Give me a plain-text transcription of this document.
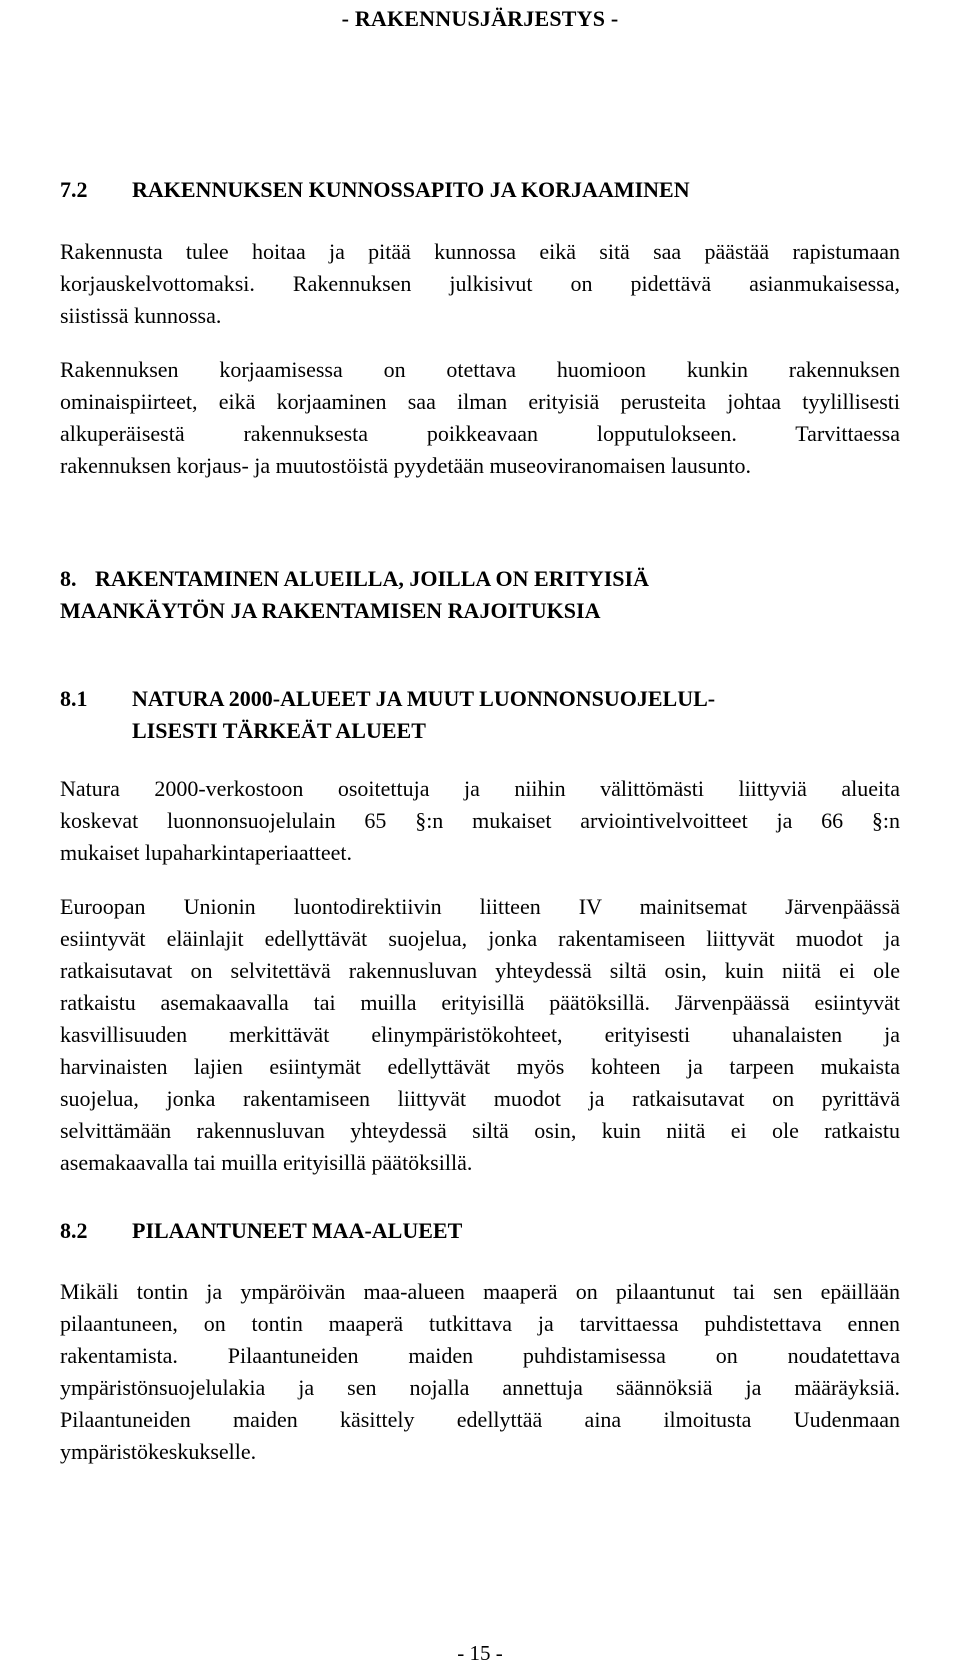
- RAKENNUSJÄRJESTYS -
7.2 RAKENNUKSEN KUNNOSSAPITO JA KORJAAMINEN
Rakennusta tulee hoitaa ja pitää kunnossa eikä sitä saa päästää rapistumaan
korjauskelvottomaksi. Rakennuksen julkisivut on pidettävä asianmukaisessa,
siistissä kunnossa.
Rakennuksen korjaamisessa on otettava huomioon kunkin rakennuksen
ominaispiirteet, eikä korjaaminen saa ilman erityisiä perusteita johtaa tyylillisesti
alkuperäisestä rakennuksesta poikkeavaan lopputulokseen. Tarvittaessa
rakennuksen korjaus- ja muutostöistä pyydetään museoviranomaisen lausunto.
8. RAKENTAMINEN ALUEILLA, JOILLA ON ERITYISIÄ
MAANKÄYTÖN JA RAKENTAMISEN RAJOITUKSIA
8.1	NATURA 2000-ALUEET JA MUUT LUONNONSUOJELUL-
LISESTI TÄRKEÄT ALUEET
Natura 2000-verkostoon osoitettuja ja niihin välittömästi liittyviä alueita
koskevat luonnonsuojelulain 65 §:n mukaiset arviointivelvoitteet ja 66 §:n
mukaiset lupaharkintaperiaatteet.
Euroopan Unionin luontodirektiivin liitteen IV mainitsemat Järvenpäässä
esiintyvät eläinlajit edellyttävät suojelua, jonka rakentamiseen liittyvät muodot ja
ratkaisutavat on selvitettävä rakennusluvan yhteydessä siltä osin, kuin niitä ei ole
ratkaistu asemakaavalla tai muilla erityisillä päätöksillä. Järvenpäässä esiintyvät
kasvillisuuden merkittävät elinympäristökohteet, erityisesti uhanalaisten ja
harvinaisten lajien esiintymät edellyttävät myös kohteen ja tarpeen mukaista
suojelua, jonka rakentamiseen liittyvät muodot ja ratkaisutavat on pyrittävä
selvittämään rakennusluvan yhteydessä siltä osin, kuin niitä ei ole ratkaistu
asemakaavalla tai muilla erityisillä päätöksillä.
8.2 PILAANTUNEET MAA-ALUEET
Mikäli tontin ja ympäröivän maa-alueen maaperä on pilaantunut tai sen epäillään
pilaantuneen, on tontin maaperä tutkittava ja tarvittaessa puhdistettava ennen
rakentamista. Pilaantuneiden maiden puhdistamisessa on noudatettava
ympäristönsuojelulakia ja sen nojalla annettuja säännöksiä ja määräyksiä.
Pilaantuneiden maiden käsittely edellyttää aina ilmoitusta Uudenmaan
ympäristökeskukselle.
- 15 -
